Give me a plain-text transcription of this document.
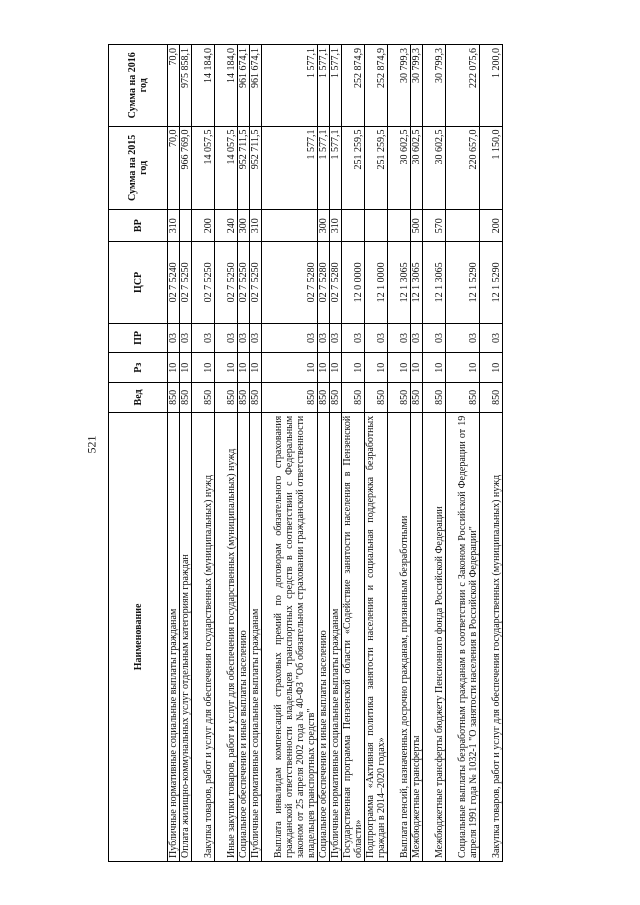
521
Наименование	Вед	Рз	ПР	ЦСР	ВР	Сумма на 2015 год	Сумма на 2016 год
Публичные нормативные социальные выплаты гражданам	850	10	03	02 7 5240	310	70,0	70,0
Оплата жилищно-коммунальных услуг отдельным категориям граждан	850	10	03	02 7 5250		966 769,0	975 858,1
Закупка товаров, работ и услуг для обеспечения государственных (муниципальных) нужд	850	10	03	02 7 5250	200	14 057,5	14 184,0
Иные закупки товаров, работ и услуг для обеспечения государственных (муниципальных) нужд	850	10	03	02 7 5250	240	14 057,5	14 184,0
Социальное обеспечение и иные выплаты населению	850	10	03	02 7 5250	300	952 711,5	961 674,1
Публичные нормативные социальные выплаты гражданам	850	10	03	02 7 5250	310	952 711,5	961 674,1
Выплата инвалидам компенсаций страховых премий по договорам обязательного страхования гражданской ответственности владельцев транспортных средств в соответствии с Федеральным законом от 25 апреля 2002 года № 40-ФЗ "Об обязательном страховании гражданской ответственности владельцев транспортных средств"	850	10	03	02 7 5280		1 577,1	1 577,1
Социальное обеспечение и иные выплаты населению	850	10	03	02 7 5280	300	1 577,1	1 577,1
Публичные нормативные социальные выплаты гражданам	850	10	03	02 7 5280	310	1 577,1	1 577,1
Государственная программа Пензенской области «Содействие занятости населения в Пензенской области»	850	10	03	12 0 0000		251 259,5	252 874,9
Подпрограмма «Активная политика занятости населения и социальная поддержка безработных граждан в 2014–2020 годах»	850	10	03	12 1 0000		251 259,5	252 874,9
Выплата пенсий, назначенных досрочно гражданам, признанным безработными	850	10	03	12 1 3065		30 602,5	30 799,3
Межбюджетные трансферты	850	10	03	12 1 3065	500	30 602,5	30 799,3
Межбюджетные трансферты бюджету Пенсионного фонда Российской Федерации	850	10	03	12 1 3065	570	30 602,5	30 799,3
Социальные выплаты безработным гражданам в соответствии с Законом Российской Федерации от 19 апреля 1991 года № 1032-1 "О занятости населения в Российской Федерации"	850	10	03	12 1 5290		220 657,0	222 075,6
Закупка товаров, работ и услуг для обеспечения государственных (муниципальных) нужд	850	10	03	12 1 5290	200	1 150,0	1 200,0
